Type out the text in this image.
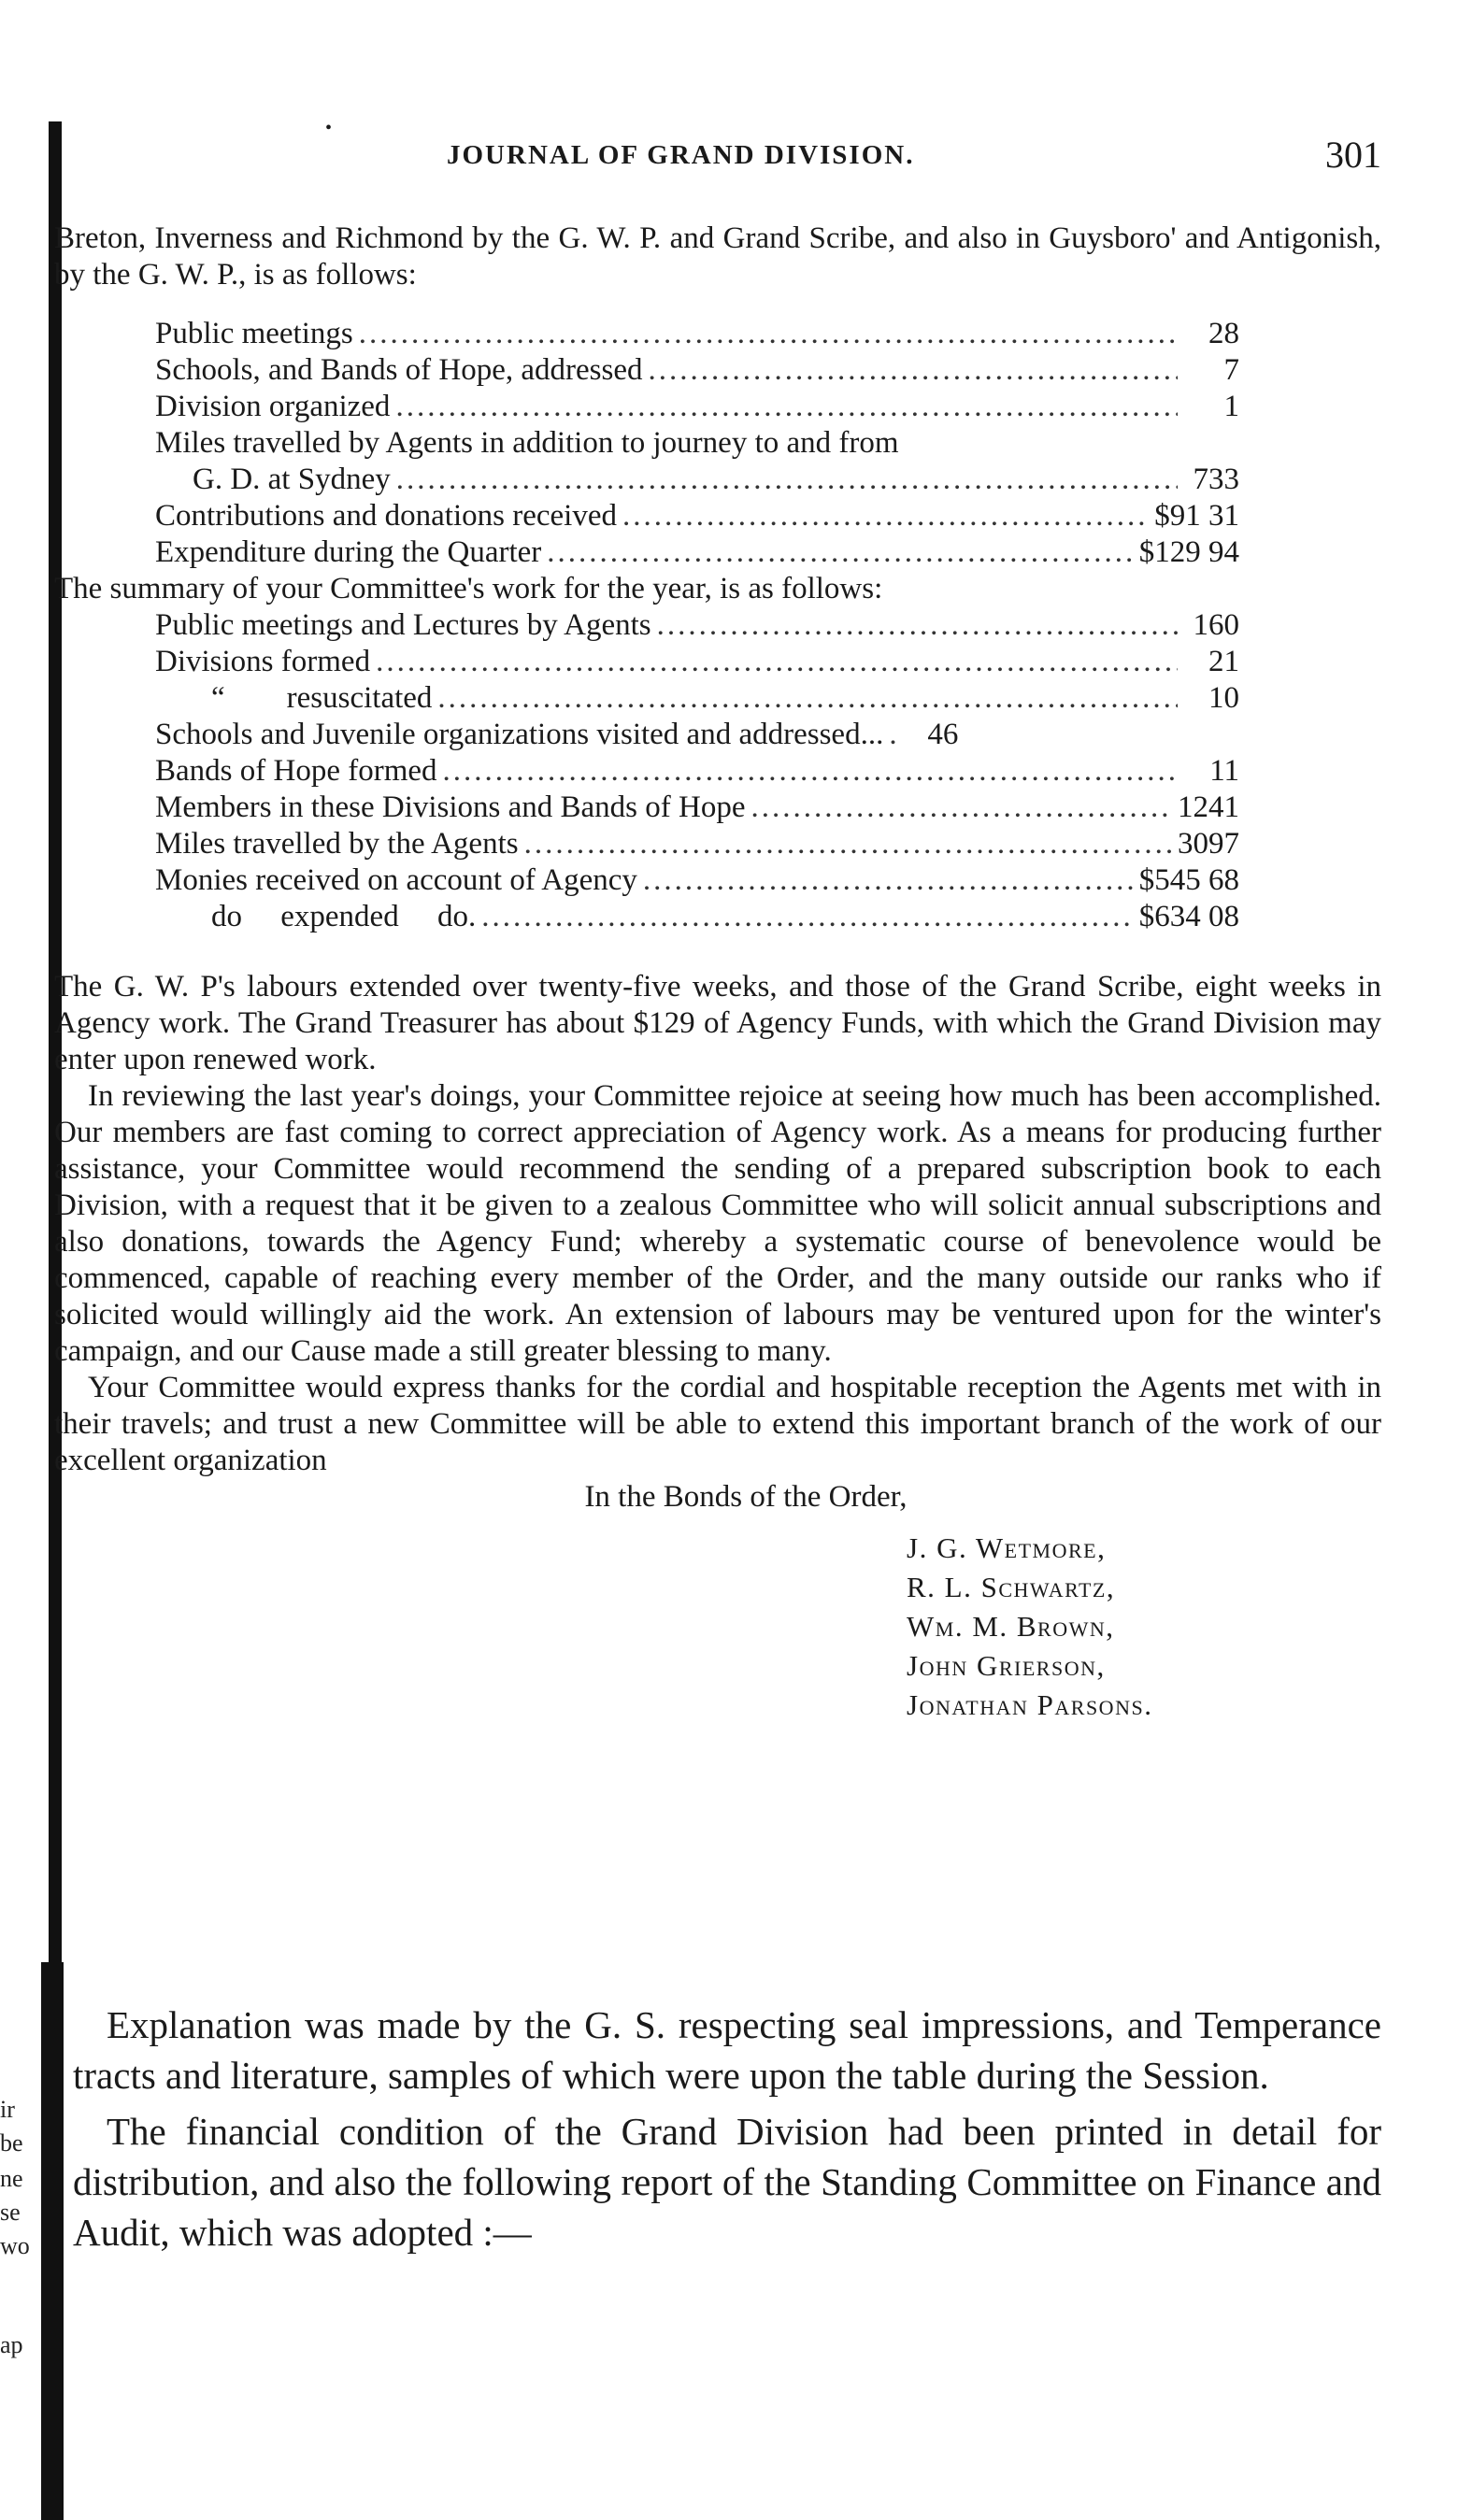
ir
be
ne
se
wo
ap
•
JOURNAL OF GRAND DIVISION.	301

Breton, Inverness and Richmond by the G. W. P. and Grand Scribe, and also in Guysboro' and Antigonish, by the G. W. P., is as follows:

Public meetings .....	28
Schools, and Bands of Hope, addressed .....	7
Division organized .....	1
Miles travelled by Agents in addition to journey to and from
G. D. at Sydney .....	733
Contributions and donations received .....	$91 31
Expenditure during the Quarter .....	$129 94

The summary of your Committee's work for the year, is as follows:

Public meetings and Lectures by Agents .....	160
Divisions formed .....	21
“        resuscitated .....	10
Schools and Juvenile organizations visited and addressed... .....	46
Bands of Hope formed .....	11
Members in these Divisions and Bands of Hope .....	1241
Miles travelled by the Agents .....	3097
Monies received on account of Agency .....	$545 68
do     expended     do. .....	$634 08

The G. W. P's labours extended over twenty-five weeks, and those of the Grand Scribe, eight weeks in Agency work. The Grand Treasurer has about $129 of Agency Funds, with which the Grand Division may enter upon renewed work.

In reviewing the last year's doings, your Committee rejoice at seeing how much has been accomplished. Our members are fast coming to correct appreciation of Agency work. As a means for producing further assistance, your Committee would recommend the sending of a prepared subscription book to each Division, with a request that it be given to a zealous Committee who will solicit annual subscriptions and also donations, towards the Agency Fund; whereby a systematic course of benevolence would be commenced, capable of reaching every member of the Order, and the many outside our ranks who if solicited would willingly aid the work. An extension of labours may be ventured upon for the winter's campaign, and our Cause made a still greater blessing to many.

Your Committee would express thanks for the cordial and hospitable reception the Agents met with in their travels; and trust a new Committee will be able to extend this important branch of the work of our excellent organization

In the Bonds of the Order,

J. G. Wetmore,
R. L. Schwartz,
Wm. M. Brown,
John Grierson,
Jonathan Parsons.

Explanation was made by the G. S. respecting seal impressions, and Temperance tracts and literature, samples of which were upon the table during the Session.

The financial condition of the Grand Division had been printed in detail for distribution, and also the following report of the Standing Committee on Finance and Audit, which was adopted :—
